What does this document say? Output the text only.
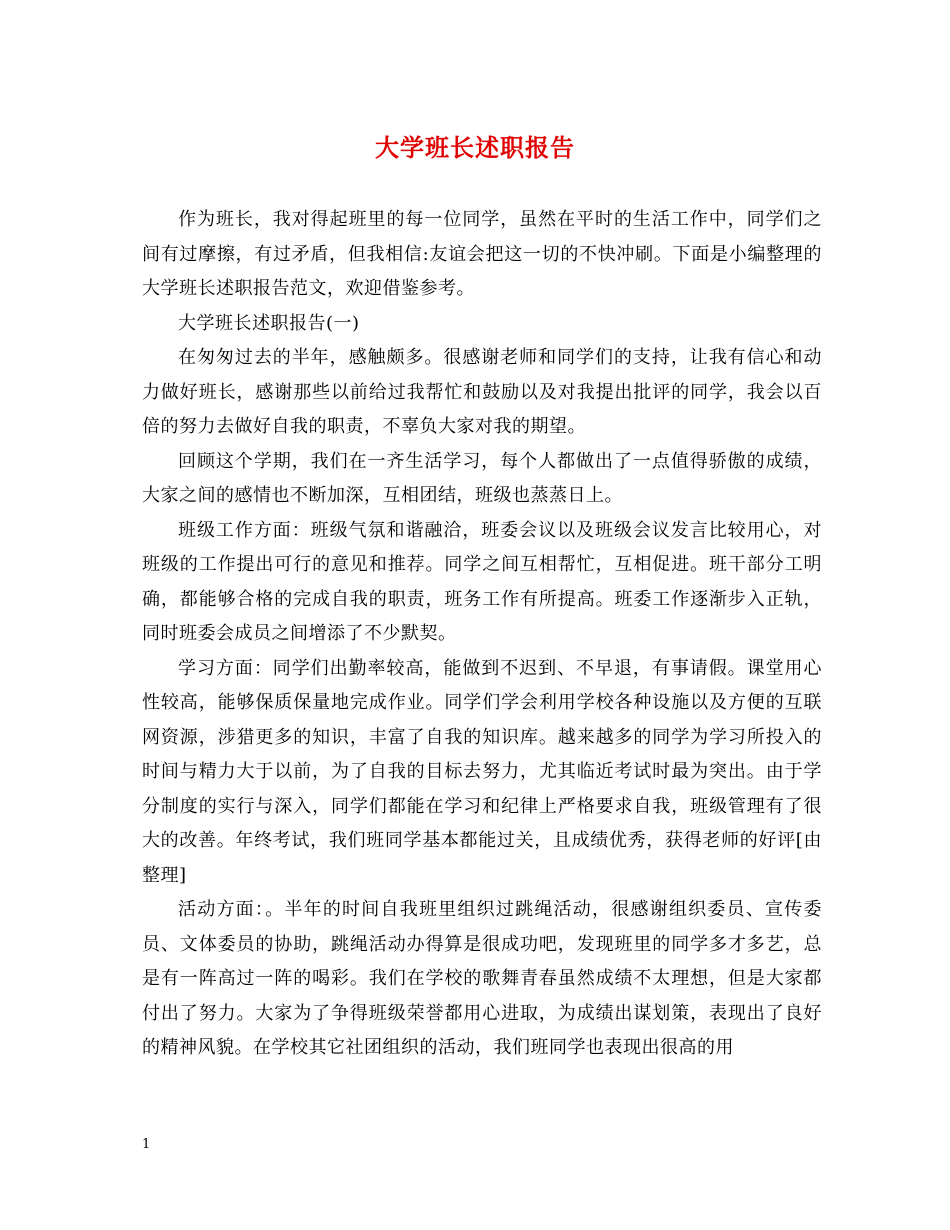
大学班长述职报告

作为班长，我对得起班里的每一位同学，虽然在平时的生活工作中，同学们之间有过摩擦，有过矛盾，但我相信:友谊会把这一切的不快冲刷。下面是小编整理的大学班长述职报告范文，欢迎借鉴参考。

大学班长述职报告(一)

在匆匆过去的半年，感触颇多。很感谢老师和同学们的支持，让我有信心和动力做好班长，感谢那些以前给过我帮忙和鼓励以及对我提出批评的同学，我会以百倍的努力去做好自我的职责，不辜负大家对我的期望。

回顾这个学期，我们在一齐生活学习，每个人都做出了一点值得骄傲的成绩，大家之间的感情也不断加深，互相团结，班级也蒸蒸日上。

班级工作方面：班级气氛和谐融洽，班委会议以及班级会议发言比较用心，对班级的工作提出可行的意见和推荐。同学之间互相帮忙，互相促进。班干部分工明确，都能够合格的完成自我的职责，班务工作有所提高。班委工作逐渐步入正轨，同时班委会成员之间增添了不少默契。

学习方面：同学们出勤率较高，能做到不迟到、不早退，有事请假。课堂用心性较高，能够保质保量地完成作业。同学们学会利用学校各种设施以及方便的互联网资源，涉猎更多的知识，丰富了自我的知识库。越来越多的同学为学习所投入的时间与精力大于以前，为了自我的目标去努力，尤其临近考试时最为突出。由于学分制度的实行与深入，同学们都能在学习和纪律上严格要求自我，班级管理有了很大的改善。年终考试，我们班同学基本都能过关，且成绩优秀，获得老师的好评[由整理]

活动方面：。半年的时间自我班里组织过跳绳活动，很感谢组织委员、宣传委员、文体委员的协助，跳绳活动办得算是很成功吧，发现班里的同学多才多艺，总是有一阵高过一阵的喝彩。我们在学校的歌舞青春虽然成绩不太理想，但是大家都付出了努力。大家为了争得班级荣誉都用心进取，为成绩出谋划策，表现出了良好的精神风貌。在学校其它社团组织的活动，我们班同学也表现出很高的用

1
